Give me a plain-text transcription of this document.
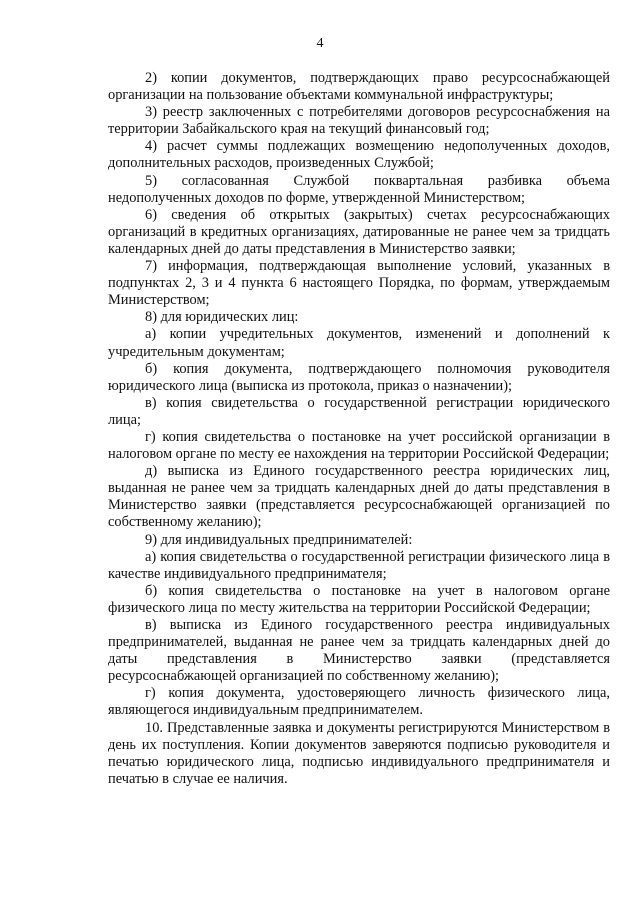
4

2) копии документов, подтверждающих право ресурсоснабжающей организации на пользование объектами коммунальной инфраструктуры;

3) реестр заключенных с потребителями договоров ресурсоснабжения на территории Забайкальского края на текущий финансовый год;

4) расчет суммы подлежащих возмещению недополученных доходов, дополнительных расходов, произведенных Службой;

5) согласованная Службой поквартальная разбивка объема недополученных доходов по форме, утвержденной Министерством;

6) сведения об открытых (закрытых) счетах ресурсоснабжающих организаций в кредитных организациях, датированные не ранее чем за тридцать календарных дней до даты представления в Министерство заявки;

7) информация, подтверждающая выполнение условий, указанных в подпунктах 2, 3 и 4 пункта 6 настоящего Порядка, по формам, утверждаемым Министерством;

8) для юридических лиц:

а) копии учредительных документов, изменений и дополнений к учредительным документам;

б) копия документа, подтверждающего полномочия руководителя юридического лица (выписка из протокола, приказ о назначении);

в) копия свидетельства о государственной регистрации юридического лица;

г) копия свидетельства о постановке на учет российской организации в налоговом органе по месту ее нахождения на территории Российской Федерации;

д) выписка из Единого государственного реестра юридических лиц, выданная не ранее чем за тридцать календарных дней до даты представления в Министерство заявки (представляется ресурсоснабжающей организацией по собственному желанию);

9) для индивидуальных предпринимателей:

а) копия свидетельства о государственной регистрации физического лица в качестве индивидуального предпринимателя;

б) копия свидетельства о постановке на учет в налоговом органе физического лица по месту жительства на территории Российской Федерации;

в) выписка из Единого государственного реестра индивидуальных предпринимателей, выданная не ранее чем за тридцать календарных дней до даты представления в Министерство заявки (представляется ресурсоснабжающей организацией по собственному желанию);

г) копия документа, удостоверяющего личность физического лица, являющегося индивидуальным предпринимателем.

10. Представленные заявка и документы регистрируются Министерством в день их поступления. Копии документов заверяются подписью руководителя и печатью юридического лица, подписью индивидуального предпринимателя и печатью в случае ее наличия.
